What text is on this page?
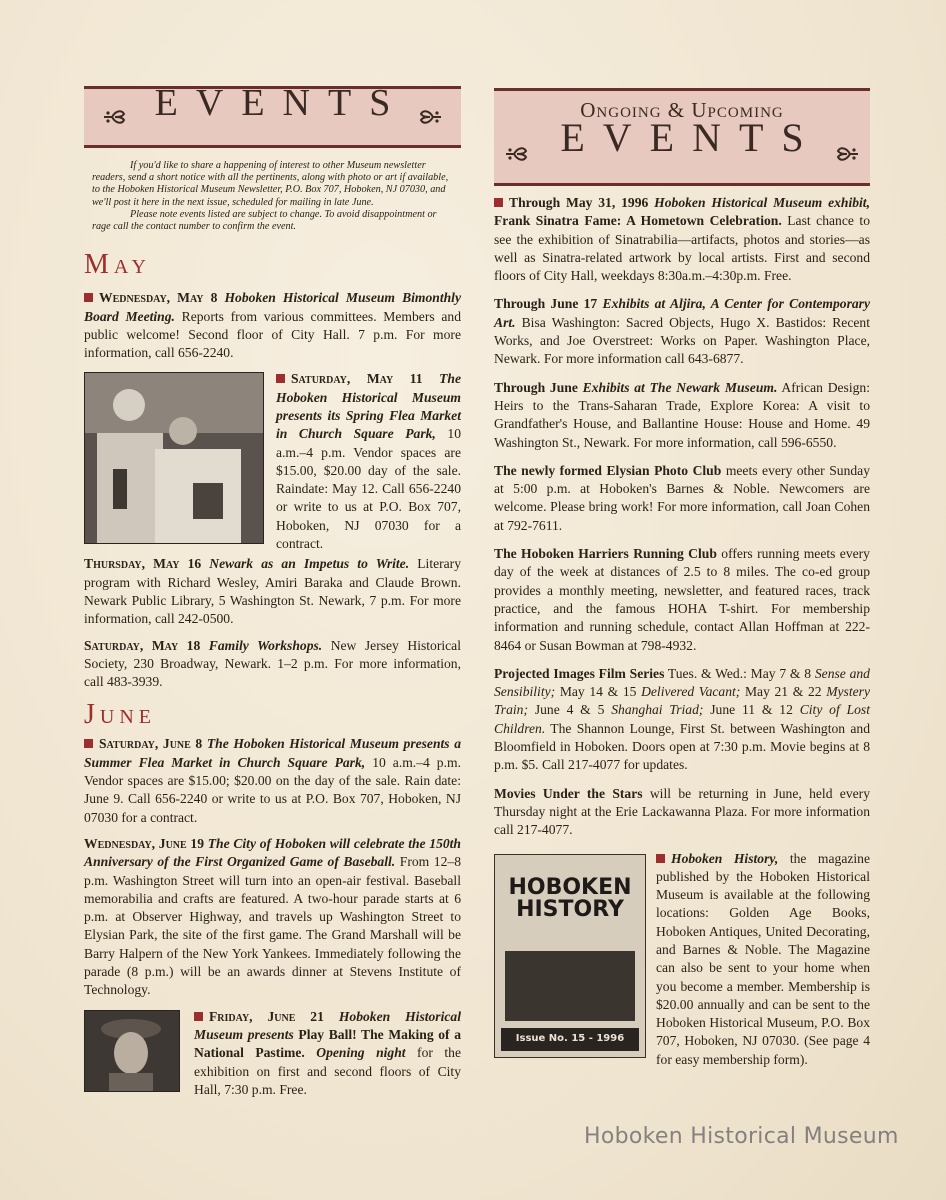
EVENTS

If you'd like to share a happening of interest to other Museum newsletter readers, send a short notice with all the pertinents, along with photo or art if available, to the Hoboken Historical Museum Newsletter, P.O. Box 707, Hoboken, NJ 07030, and we'll post it here in the next issue, scheduled for mailing in late June.

Please note events listed are subject to change. To avoid disappointment or rage call the contact number to confirm the event.

May
Wednesday, May 8 Hoboken Historical Museum Bimonthly Board Meeting. Reports from various committees. Members and public welcome! Second floor of City Hall. 7 p.m. For more information, call 656-2240.
Saturday, May 11 The Hoboken Historical Museum presents its Spring Flea Market in Church Square Park, 10 a.m.–4 p.m. Vendor spaces are $15.00, $20.00 day of the sale. Raindate: May 12. Call 656-2240 or write to us at P.O. Box 707, Hoboken, NJ 07030 for a contract.
Thursday, May 16 Newark as an Impetus to Write. Literary program with Richard Wesley, Amiri Baraka and Claude Brown. Newark Public Library, 5 Washington St. Newark, 7 p.m. For more information, call 242-0500.
Saturday, May 18 Family Workshops. New Jersey Historical Society, 230 Broadway, Newark. 1–2 p.m. For more information, call 483-3939.
June
Saturday, June 8 The Hoboken Historical Museum presents a Summer Flea Market in Church Square Park, 10 a.m.–4 p.m. Vendor spaces are $15.00; $20.00 on the day of the sale. Rain date: June 9. Call 656-2240 or write to us at P.O. Box 707, Hoboken, NJ 07030 for a contract.
Wednesday, June 19 The City of Hoboken will celebrate the 150th Anniversary of the First Organized Game of Baseball. From 12–8 p.m. Washington Street will turn into an open-air festival. Baseball memorabilia and crafts are featured. A two-hour parade starts at 6 p.m. at Observer Highway, and travels up Washington Street to Elysian Park, the site of the first game. The Grand Marshall will be Barry Halpern of the New York Yankees. Immediately following the parade (8 p.m.) will be an awards dinner at Stevens Institute of Technology.
Friday, June 21 Hoboken Historical Museum presents Play Ball! The Making of a National Pastime. Opening night for the exhibition on first and second floors of City Hall, 7:30 p.m. Free.
Ongoing & Upcoming
EVENTS
Through May 31, 1996 Hoboken Historical Museum exhibit, Frank Sinatra Fame: A Hometown Celebration. Last chance to see the exhibition of Sinatrabilia—artifacts, photos and stories—as well as Sinatra-related artwork by local artists. First and second floors of City Hall, weekdays 8:30a.m.–4:30p.m. Free.
Through June 17 Exhibits at Aljira, A Center for Contemporary Art. Bisa Washington: Sacred Objects, Hugo X. Bastidos: Recent Works, and Joe Overstreet: Works on Paper. Washington Place, Newark. For more information call 643-6877.
Through June Exhibits at The Newark Museum. African Design: Heirs to the Trans-Saharan Trade, Explore Korea: A visit to Grandfather's House, and Ballantine House: House and Home. 49 Washington St., Newark. For more information, call 596-6550.
The newly formed Elysian Photo Club meets every other Sunday at 5:00 p.m. at Hoboken's Barnes & Noble. Newcomers are welcome. Please bring work! For more information, call Joan Cohen at 792-7611.
The Hoboken Harriers Running Club offers running meets every day of the week at distances of 2.5 to 8 miles. The co-ed group provides a monthly meeting, newsletter, and featured races, track practice, and the famous HOHA T-shirt. For membership information and running schedule, contact Allan Hoffman at 222-8464 or Susan Bowman at 798-4932.
Projected Images Film Series Tues. & Wed.: May 7 & 8 Sense and Sensibility; May 14 & 15 Delivered Vacant; May 21 & 22 Mystery Train; June 4 & 5 Shanghai Triad; June 11 & 12 City of Lost Children. The Shannon Lounge, First St. between Washington and Bloomfield in Hoboken. Doors open at 7:30 p.m. Movie begins at 8 p.m. $5. Call 217-4077 for updates.
Movies Under the Stars will be returning in June, held every Thursday night at the Erie Lackawanna Plaza. For more information call 217-4077.
Hoboken History,
HOBOKEN HISTORY
Issue No. 15 - 1996
the magazine published by the Hoboken Historical Museum is available at the following locations: Golden Age Books, Hoboken Antiques, United Decorating, and Barnes & Noble. The Magazine can also be sent to your home when you become a member. Membership is $20.00 annually and can be sent to the Hoboken Historical Museum, P.O. Box 707, Hoboken, NJ 07030. (See page 4 for easy membership form).
Hoboken Historical Museum
